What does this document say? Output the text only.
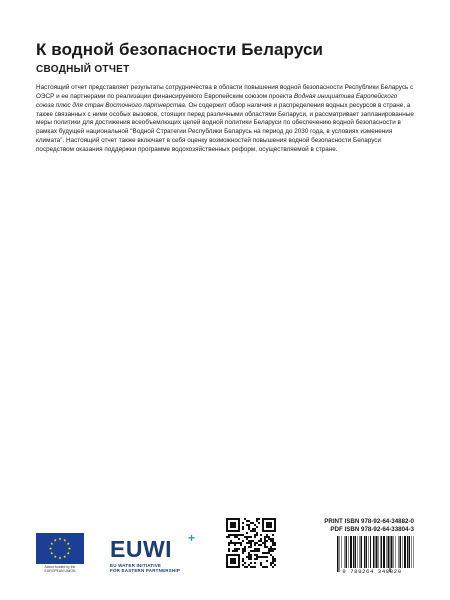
К водной безопасности Беларуси
СВОДНЫЙ ОТЧЕТ

Настоящий отчет представляет результаты сотрудничества в области повышения водной безопасности Республики Беларусь с ОЭСР и ее партнерами по реализации финансируемого Европейским союзом проекта Водная инициатива Европейского союза плюс для стран Восточного партнерства. Он содержит обзор наличия и распределения водных ресурсов в стране, а также связанных с ними особых вызовов, стоящих перед различными областями Беларуси, и рассматривает запланированные меры политики для достижения всеобъемлющих целей водной политики Беларуси по обеспечению водной безопасности в рамках будущей национальной "Водной Стратегии Республики Беларусь на период до 2030 года, в условиях изменения климата". Настоящий отчет также включает в себя оценку возможностей повышения водной безопасности Беларуси посредством оказания поддержки программе водохозяйственных реформ, осуществляемой в стране.

Action funded by the
EUROPEAN UNION
EUWI +
EU WATER INITIATIVE
FOR EASTERN PARTNERSHIP
PRINT ISBN 978-92-64-34882-0
PDF ISBN 978-92-64-33804-3
9 789264 348820
